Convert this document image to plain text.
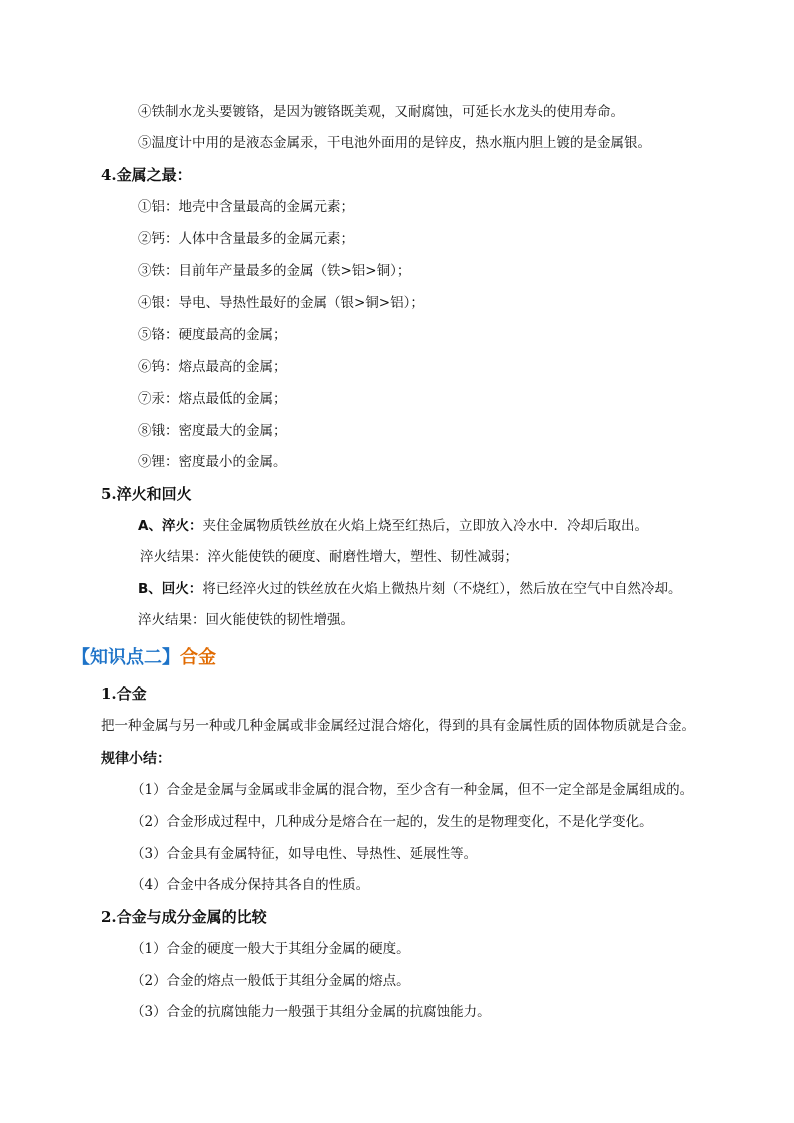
④铁制水龙头要镀铬，是因为镀铬既美观，又耐腐蚀，可延长水龙头的使用寿命。
⑤温度计中用的是液态金属汞，干电池外面用的是锌皮，热水瓶内胆上镀的是金属银。
4.金属之最：
①铝：地壳中含量最高的金属元素；
②钙：人体中含量最多的金属元素；
③铁：目前年产量最多的金属（铁>铝>铜）；
④银：导电、导热性最好的金属（银>铜>铝）；
⑤铬：硬度最高的金属；
⑥钨：熔点最高的金属；
⑦汞：熔点最低的金属；
⑧锇：密度最大的金属；
⑨锂：密度最小的金属。
5.淬火和回火
A、淬火：夹住金属物质铁丝放在火焰上烧至红热后，立即放入冷水中．冷却后取出。
淬火结果：淬火能使铁的硬度、耐磨性增大，塑性、韧性减弱；
B、回火：将已经淬火过的铁丝放在火焰上微热片刻（不烧红），然后放在空气中自然冷却。
淬火结果：回火能使铁的韧性增强。
【知识点二】合金
1.合金
把一种金属与另一种或几种金属或非金属经过混合熔化，得到的具有金属性质的固体物质就是合金。
规律小结：
（1）合金是金属与金属或非金属的混合物，至少含有一种金属，但不一定全部是金属组成的。
（2）合金形成过程中，几种成分是熔合在一起的，发生的是物理变化，不是化学变化。
（3）合金具有金属特征，如导电性、导热性、延展性等。
（4）合金中各成分保持其各自的性质。
2.合金与成分金属的比较
（1）合金的硬度一般大于其组分金属的硬度。
（2）合金的熔点一般低于其组分金属的熔点。
（3）合金的抗腐蚀能力一般强于其组分金属的抗腐蚀能力。
